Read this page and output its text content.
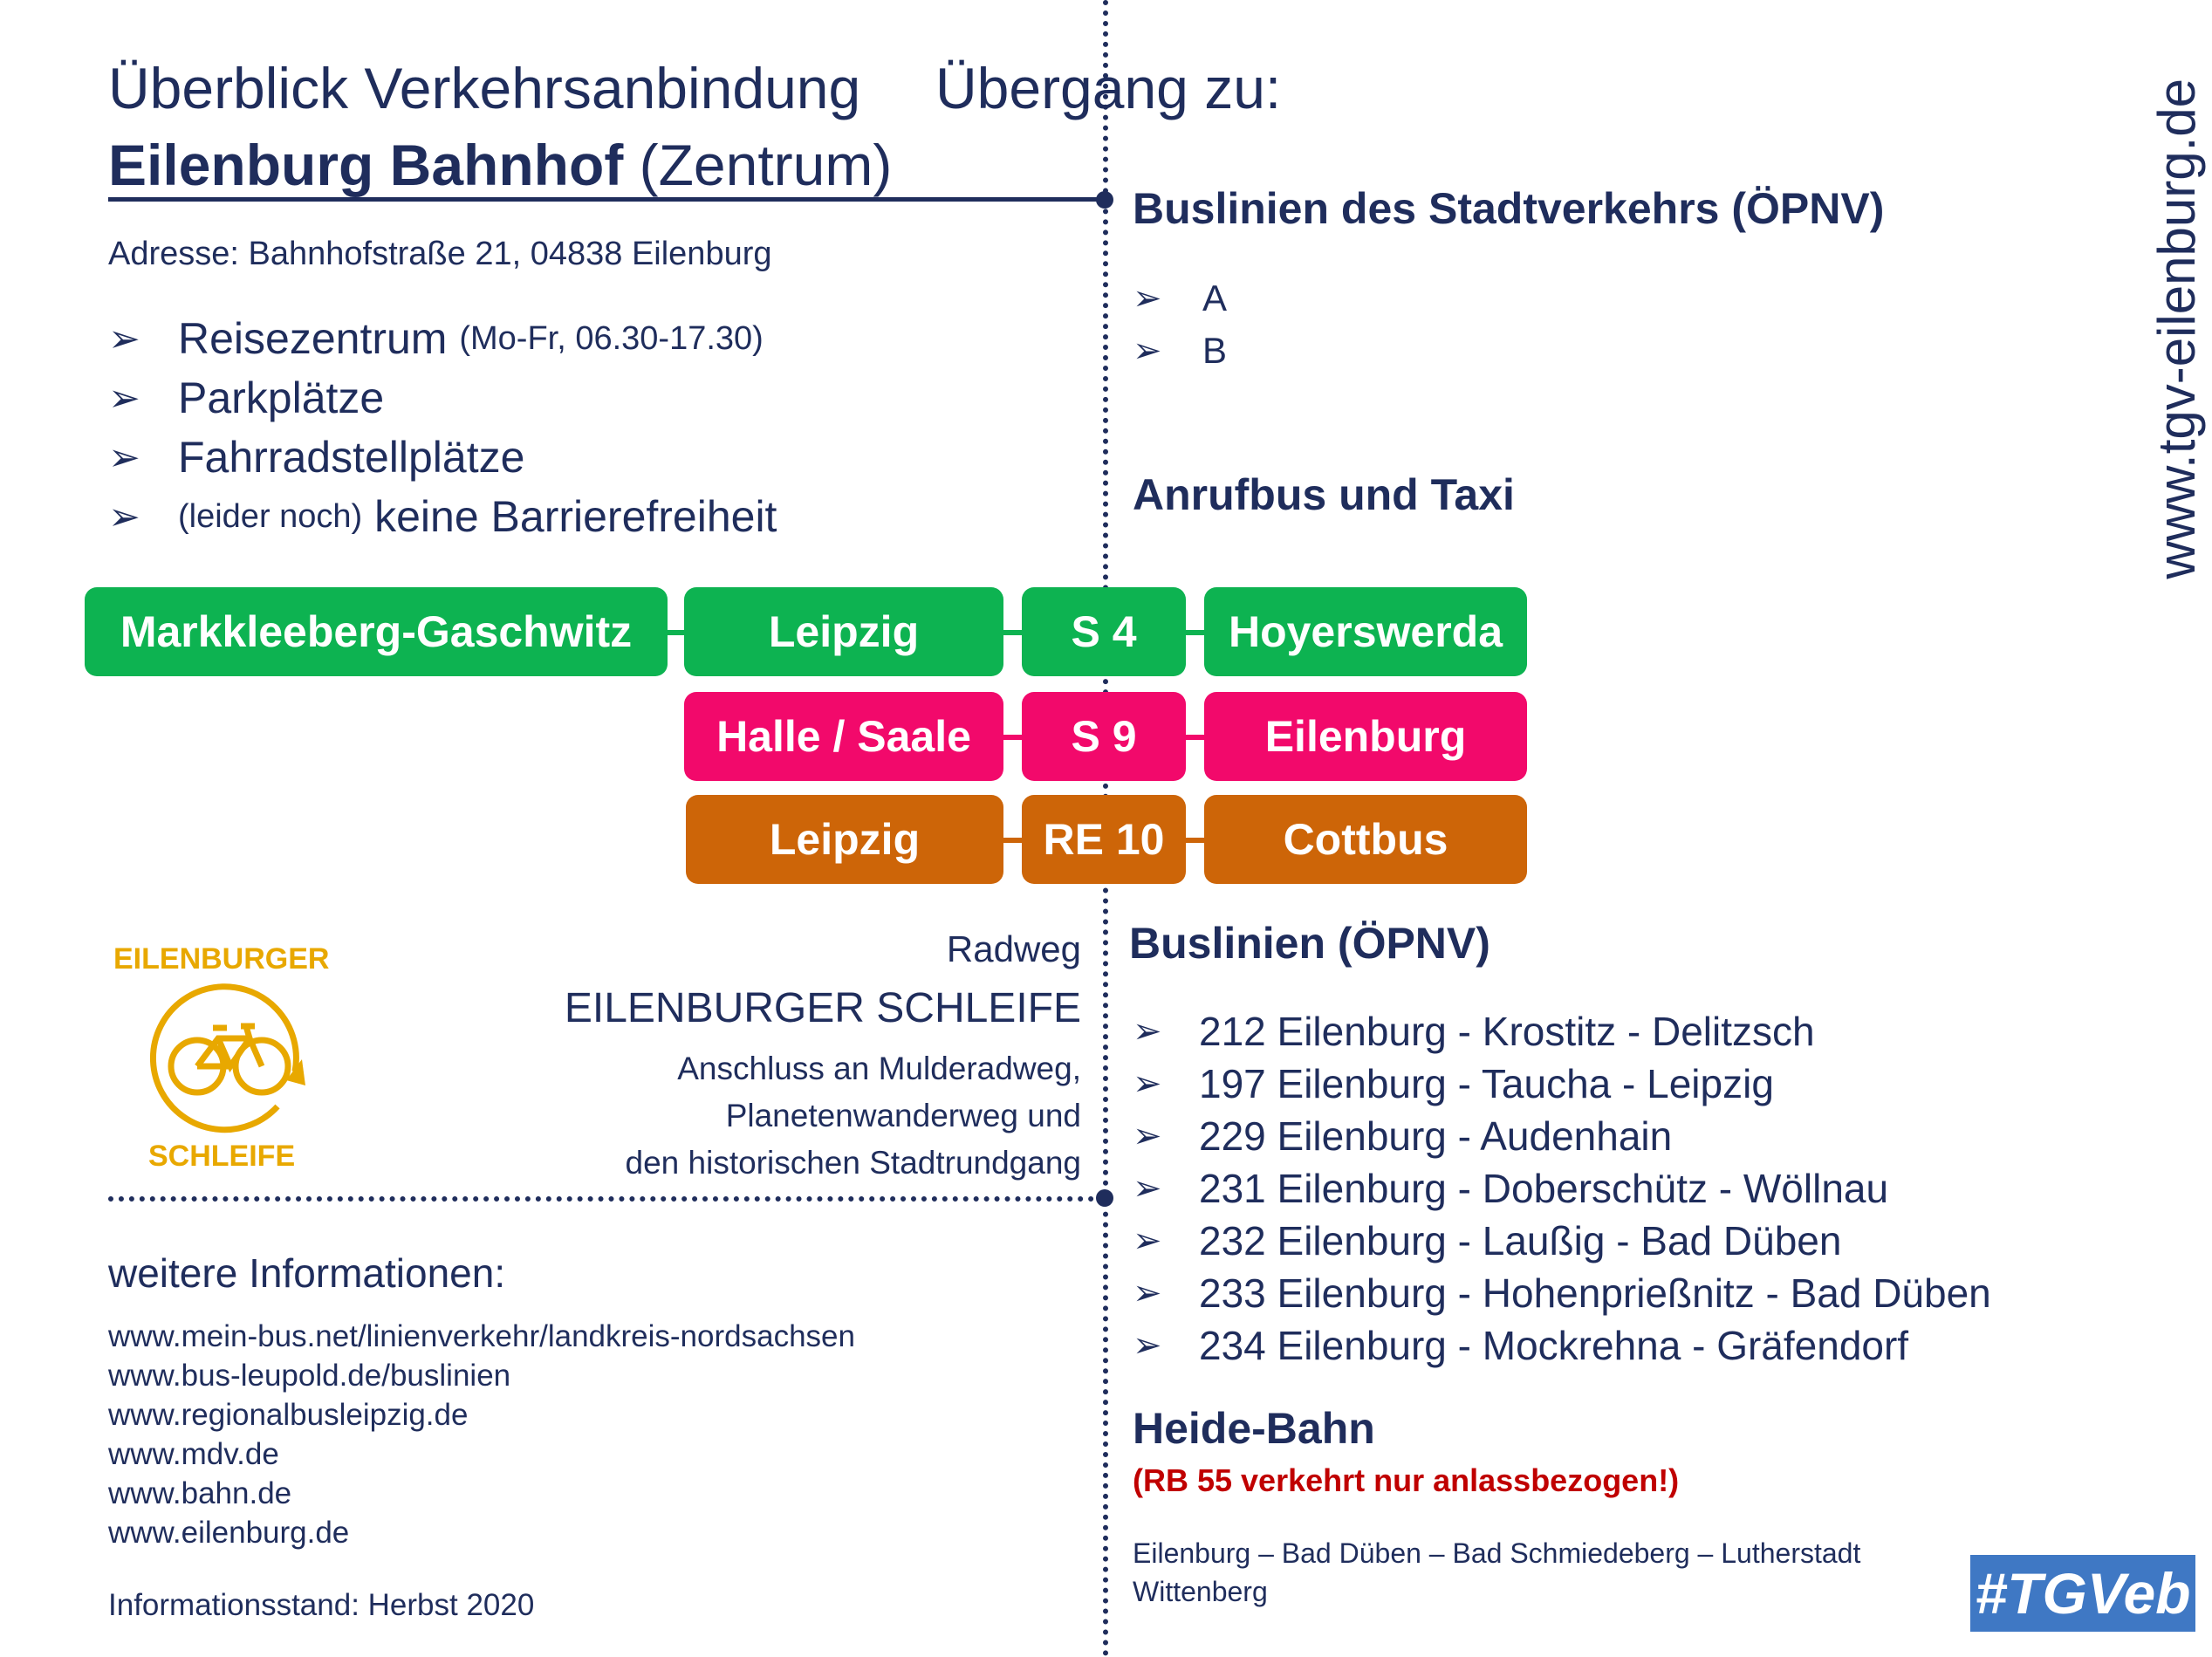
Überblick Verkehrsanbindung
Eilenburg Bahnhof (Zentrum)
Übergang zu:
Adresse: Bahnhofstraße 21, 04838 Eilenburg
➢ Reisezentrum
(Mo-Fr, 06.30-17.30)
➢ Parkplätze
➢ Fahrradstellplätze
➢	(leider noch)
keine Barrierefreiheit
Markkleeberg-Gaschwitz	Leipzig	S 4	Hoyerswerda
Halle / Saale	S 9	Eilenburg
Leipzig	RE 10	Cottbus
Buslinien des Stadtverkehrs (ÖPNV)
➢	A
➢	B
Anrufbus und Taxi
Buslinien (ÖPNV)
➢ 212 Eilenburg - Krostitz - Delitzsch
➢ 197 Eilenburg - Taucha - Leipzig
➢ 229 Eilenburg - Audenhain
➢ 231 Eilenburg - Doberschütz - Wöllnau
➢ 232 Eilenburg - Laußig - Bad Düben
➢ 233 Eilenburg - Hohenprießnitz - Bad Düben
➢ 234 Eilenburg - Mockrehna - Gräfendorf
Heide-Bahn
(RB 55 verkehrt nur anlassbezogen!)
Eilenburg – Bad Düben – Bad Schmiedeberg – Lutherstadt
Wittenberg
Radweg
EILENBURGER SCHLEIFE
Anschluss an Mulderadweg,
Planetenwanderweg und
den historischen Stadtrundgang
EILENBURGER
SCHLEIFE
weitere Informationen:
www.mein-bus.net/linienverkehr/landkreis-nordsachsen
www.bus-leupold.de/buslinien
www.regionalbusleipzig.de
www.mdv.de
www.bahn.de
www.eilenburg.de
Informationsstand: Herbst 2020
www.tgv-eilenburg.de
#TGVeb
